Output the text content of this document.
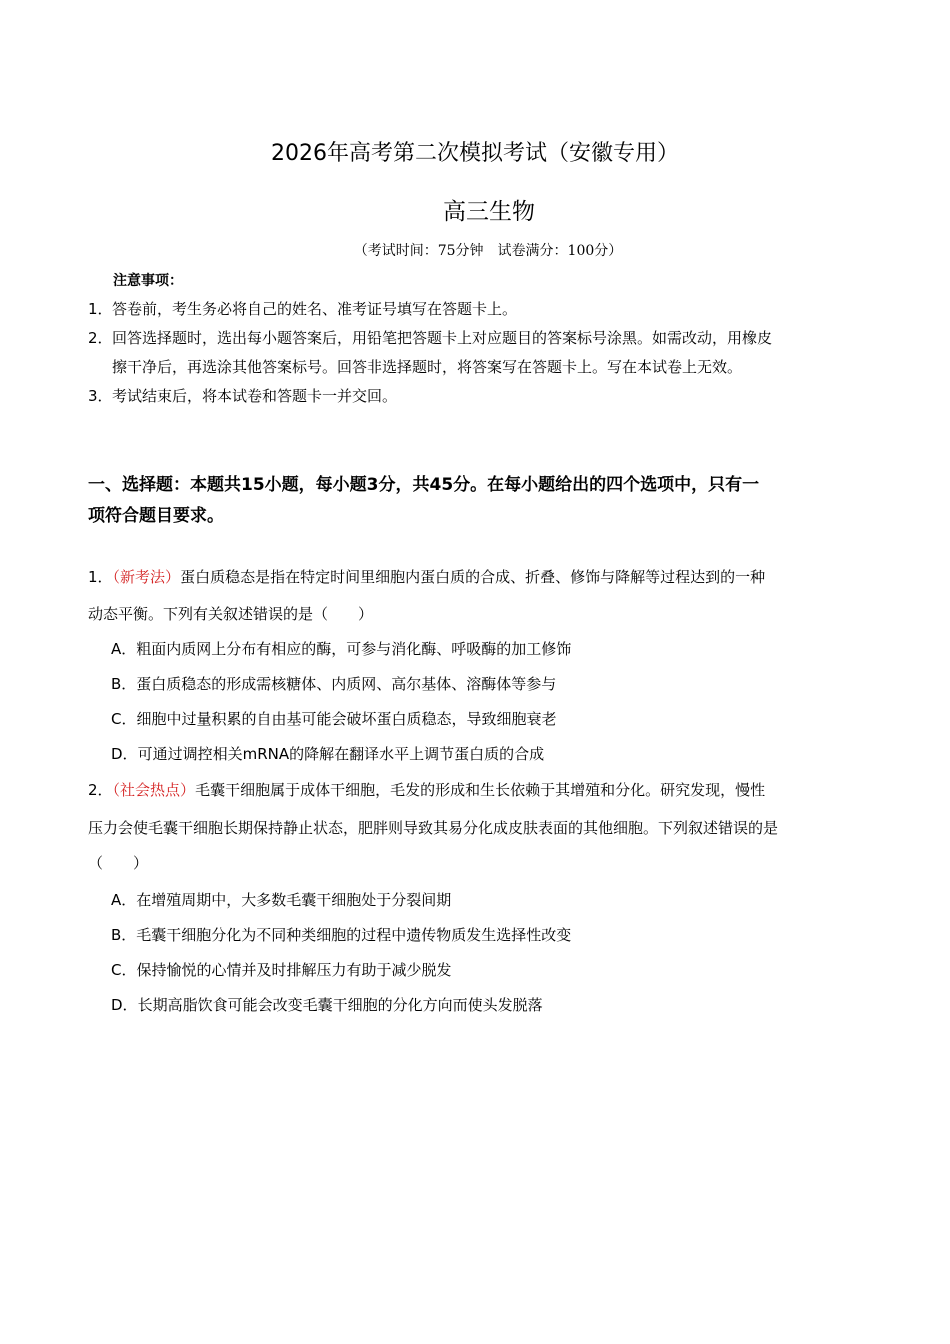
2026年高考第二次模拟考试（安徽专用）
高三生物
（考试时间：75分钟　试卷满分：100分）
注意事项：
1． 答卷前，考生务必将自己的姓名、准考证号填写在答题卡上。
2． 回答选择题时，选出每小题答案后，用铅笔把答题卡上对应题目的答案标号涂黑。如需改动，用橡皮
擦干净后，再选涂其他答案标号。回答非选择题时，将答案写在答题卡上。写在本试卷上无效。
3． 考试结束后，将本试卷和答题卡一并交回。
一、选择题：本题共15小题，每小题3分，共45分。在每小题给出的四个选项中，只有一
项符合题目要求。
1．（新考法）蛋白质稳态是指在特定时间里细胞内蛋白质的合成、折叠、修饰与降解等过程达到的一种
动态平衡。下列有关叙述错误的是（　　）
A．粗面内质网上分布有相应的酶，可参与消化酶、呼吸酶的加工修饰
B．蛋白质稳态的形成需核糖体、内质网、高尔基体、溶酶体等参与
C．细胞中过量积累的自由基可能会破坏蛋白质稳态，导致细胞衰老
D．可通过调控相关mRNA的降解在翻译水平上调节蛋白质的合成
2．（社会热点）毛囊干细胞属于成体干细胞，毛发的形成和生长依赖于其增殖和分化。研究发现，慢性
压力会使毛囊干细胞长期保持静止状态，肥胖则导致其易分化成皮肤表面的其他细胞。下列叙述错误的是
（　　）
A．在增殖周期中，大多数毛囊干细胞处于分裂间期
B．毛囊干细胞分化为不同种类细胞的过程中遗传物质发生选择性改变
C．保持愉悦的心情并及时排解压力有助于减少脱发
D．长期高脂饮食可能会改变毛囊干细胞的分化方向而使头发脱落
